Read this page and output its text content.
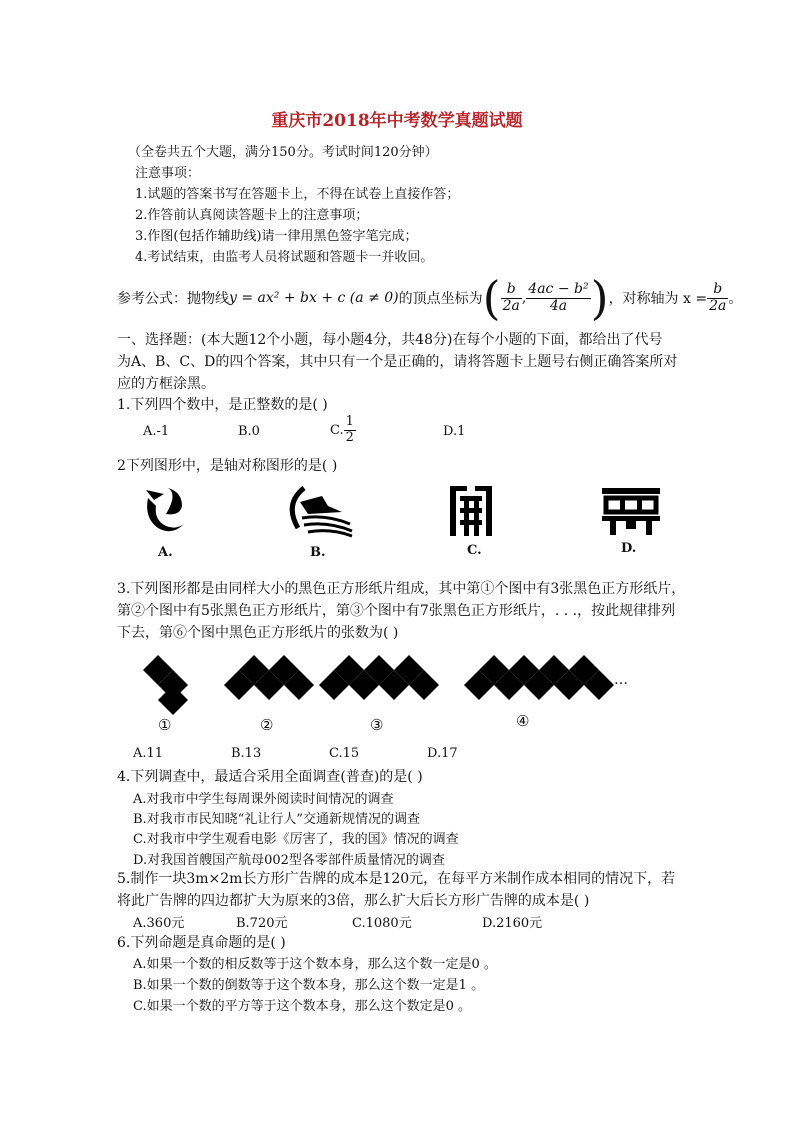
重庆市2018年中考数学真题试题
（全卷共五个大题，满分150分。考试时间120分钟）
注意事项：
1.试题的答案书写在答题卡上，不得在试卷上直接作答；
2.作答前认真阅读答题卡上的注意事项；
3.作图(包括作辅助线)请一律用黑色签字笔完成；
4.考试结束，由监考人员将试题和答题卡一并收回。
参考公式：抛物线 y = ax² + bx + c (a ≠ 0) 的顶点坐标为 ( $\frac{b}{2a}$ , $\frac{\text{4ac − b²}}{4a}$ ) ，对称轴为 $x = \frac{b}{2a}$ 。
一、选择题：(本大题12个小题，每小题4分，共48分)在每个小题的下面，都给出了代号
为A、B、C、D的四个答案，其中只有一个是正确的，请将答题卡上题号右侧正确答案所对
应的方框涂黑。
1.下列四个数中，是正整数的是( )
A.-1	B.0	C. $\frac{1}{2}$	D.1
2下列图形中，是轴对称图形的是( )
A.	B.	C.	D.
3.下列图形都是由同样大小的黑色正方形纸片组成，其中第①个图中有3张黑色正方形纸片，
第②个图中有5张黑色正方形纸片，第③个图中有7张黑色正方形纸片，. . .，按此规律排列
下去，第⑥个图中黑色正方形纸片的张数为( )
…
①	②	③	④
A.11	B.13	C.15	D.17
4.下列调查中，最适合采用全面调查(普查)的是( )
A.对我市中学生每周课外阅读时间情况的调查
B.对我市市民知晓“礼让行人”交通新规情况的调查
C.对我市中学生观看电影《厉害了，我的国》情况的调查
D.对我国首艘国产航母002型各零部件质量情况的调查
5.制作一块3m×2m长方形广告牌的成本是120元，在每平方米制作成本相同的情况下，若
将此广告牌的四边都扩大为原来的3倍，那么扩大后长方形广告牌的成本是( )
A.360元	B.720元	C.1080元	D.2160元
6.下列命题是真命题的是( )
A.如果一个数的相反数等于这个数本身，那么这个数一定是0 。
B.如果一个数的倒数等于这个数本身，那么这个数一定是1 。
C.如果一个数的平方等于这个数本身，那么这个数定是0 。
